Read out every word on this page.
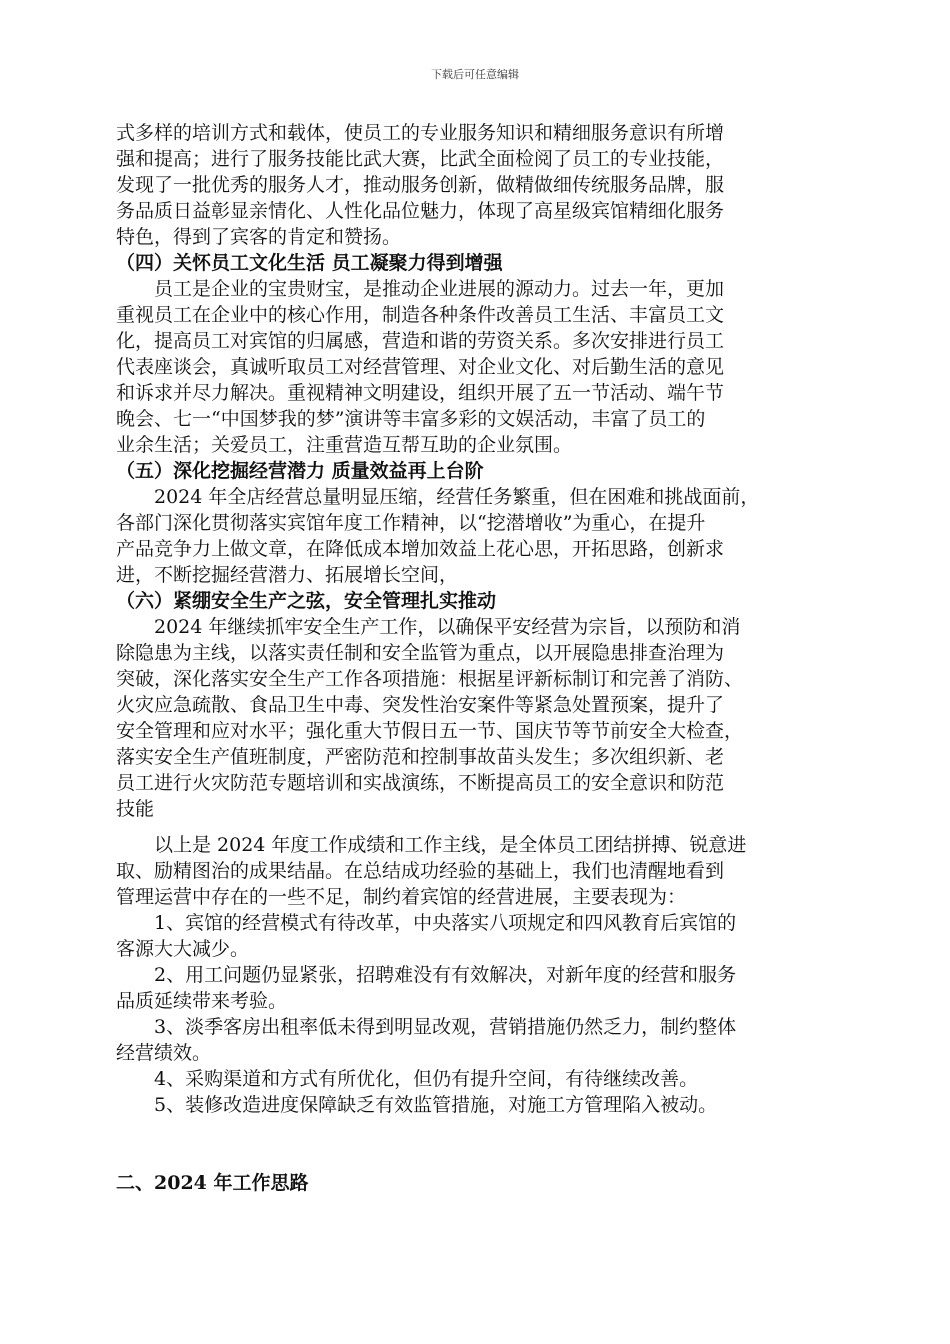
下载后可任意编辑
式多样的培训方式和载体，使员工的专业服务知识和精细服务意识有所增
强和提高；进行了服务技能比武大赛，比武全面检阅了员工的专业技能，
发现了一批优秀的服务人才，推动服务创新，做精做细传统服务品牌，服
务品质日益彰显亲情化、人性化品位魅力，体现了高星级宾馆精细化服务
特色，得到了宾客的肯定和赞扬。
（四）关怀员工文化生活 员工凝聚力得到增强
员工是企业的宝贵财宝，是推动企业进展的源动力。过去一年，更加
重视员工在企业中的核心作用，制造各种条件改善员工生活、丰富员工文
化，提高员工对宾馆的归属感，营造和谐的劳资关系。多次安排进行员工
代表座谈会，真诚听取员工对经营管理、对企业文化、对后勤生活的意见
和诉求并尽力解决。重视精神文明建设，组织开展了五一节活动、端午节
晚会、七一“中国梦我的梦”演讲等丰富多彩的文娱活动，丰富了员工的
业余生活；关爱员工，注重营造互帮互助的企业氛围。
（五）深化挖掘经营潜力 质量效益再上台阶
2024 年全店经营总量明显压缩，经营任务繁重，但在困难和挑战面前，
各部门深化贯彻落实宾馆年度工作精神，以“挖潜增收”为重心，在提升
产品竞争力上做文章，在降低成本增加效益上花心思，开拓思路，创新求
进，不断挖掘经营潜力、拓展增长空间，
（六）紧绷安全生产之弦，安全管理扎实推动
2024 年继续抓牢安全生产工作，以确保平安经营为宗旨，以预防和消
除隐患为主线，以落实责任制和安全监管为重点，以开展隐患排查治理为
突破，深化落实安全生产工作各项措施：根据星评新标制订和完善了消防、
火灾应急疏散、食品卫生中毒、突发性治安案件等紧急处置预案，提升了
安全管理和应对水平；强化重大节假日五一节、国庆节等节前安全大检查，
落实安全生产值班制度，严密防范和控制事故苗头发生；多次组织新、老
员工进行火灾防范专题培训和实战演练，不断提高员工的安全意识和防范
技能
以上是 2024 年度工作成绩和工作主线，是全体员工团结拼搏、锐意进
取、励精图治的成果结晶。在总结成功经验的基础上，我们也清醒地看到
管理运营中存在的一些不足，制约着宾馆的经营进展，主要表现为：
1、宾馆的经营模式有待改革，中央落实八项规定和四风教育后宾馆的
客源大大减少。
2、用工问题仍显紧张，招聘难没有有效解决，对新年度的经营和服务
品质延续带来考验。
3、淡季客房出租率低未得到明显改观，营销措施仍然乏力，制约整体
经营绩效。
4、采购渠道和方式有所优化，但仍有提升空间，有待继续改善。
5、装修改造进度保障缺乏有效监管措施，对施工方管理陷入被动。
二、2024 年工作思路
